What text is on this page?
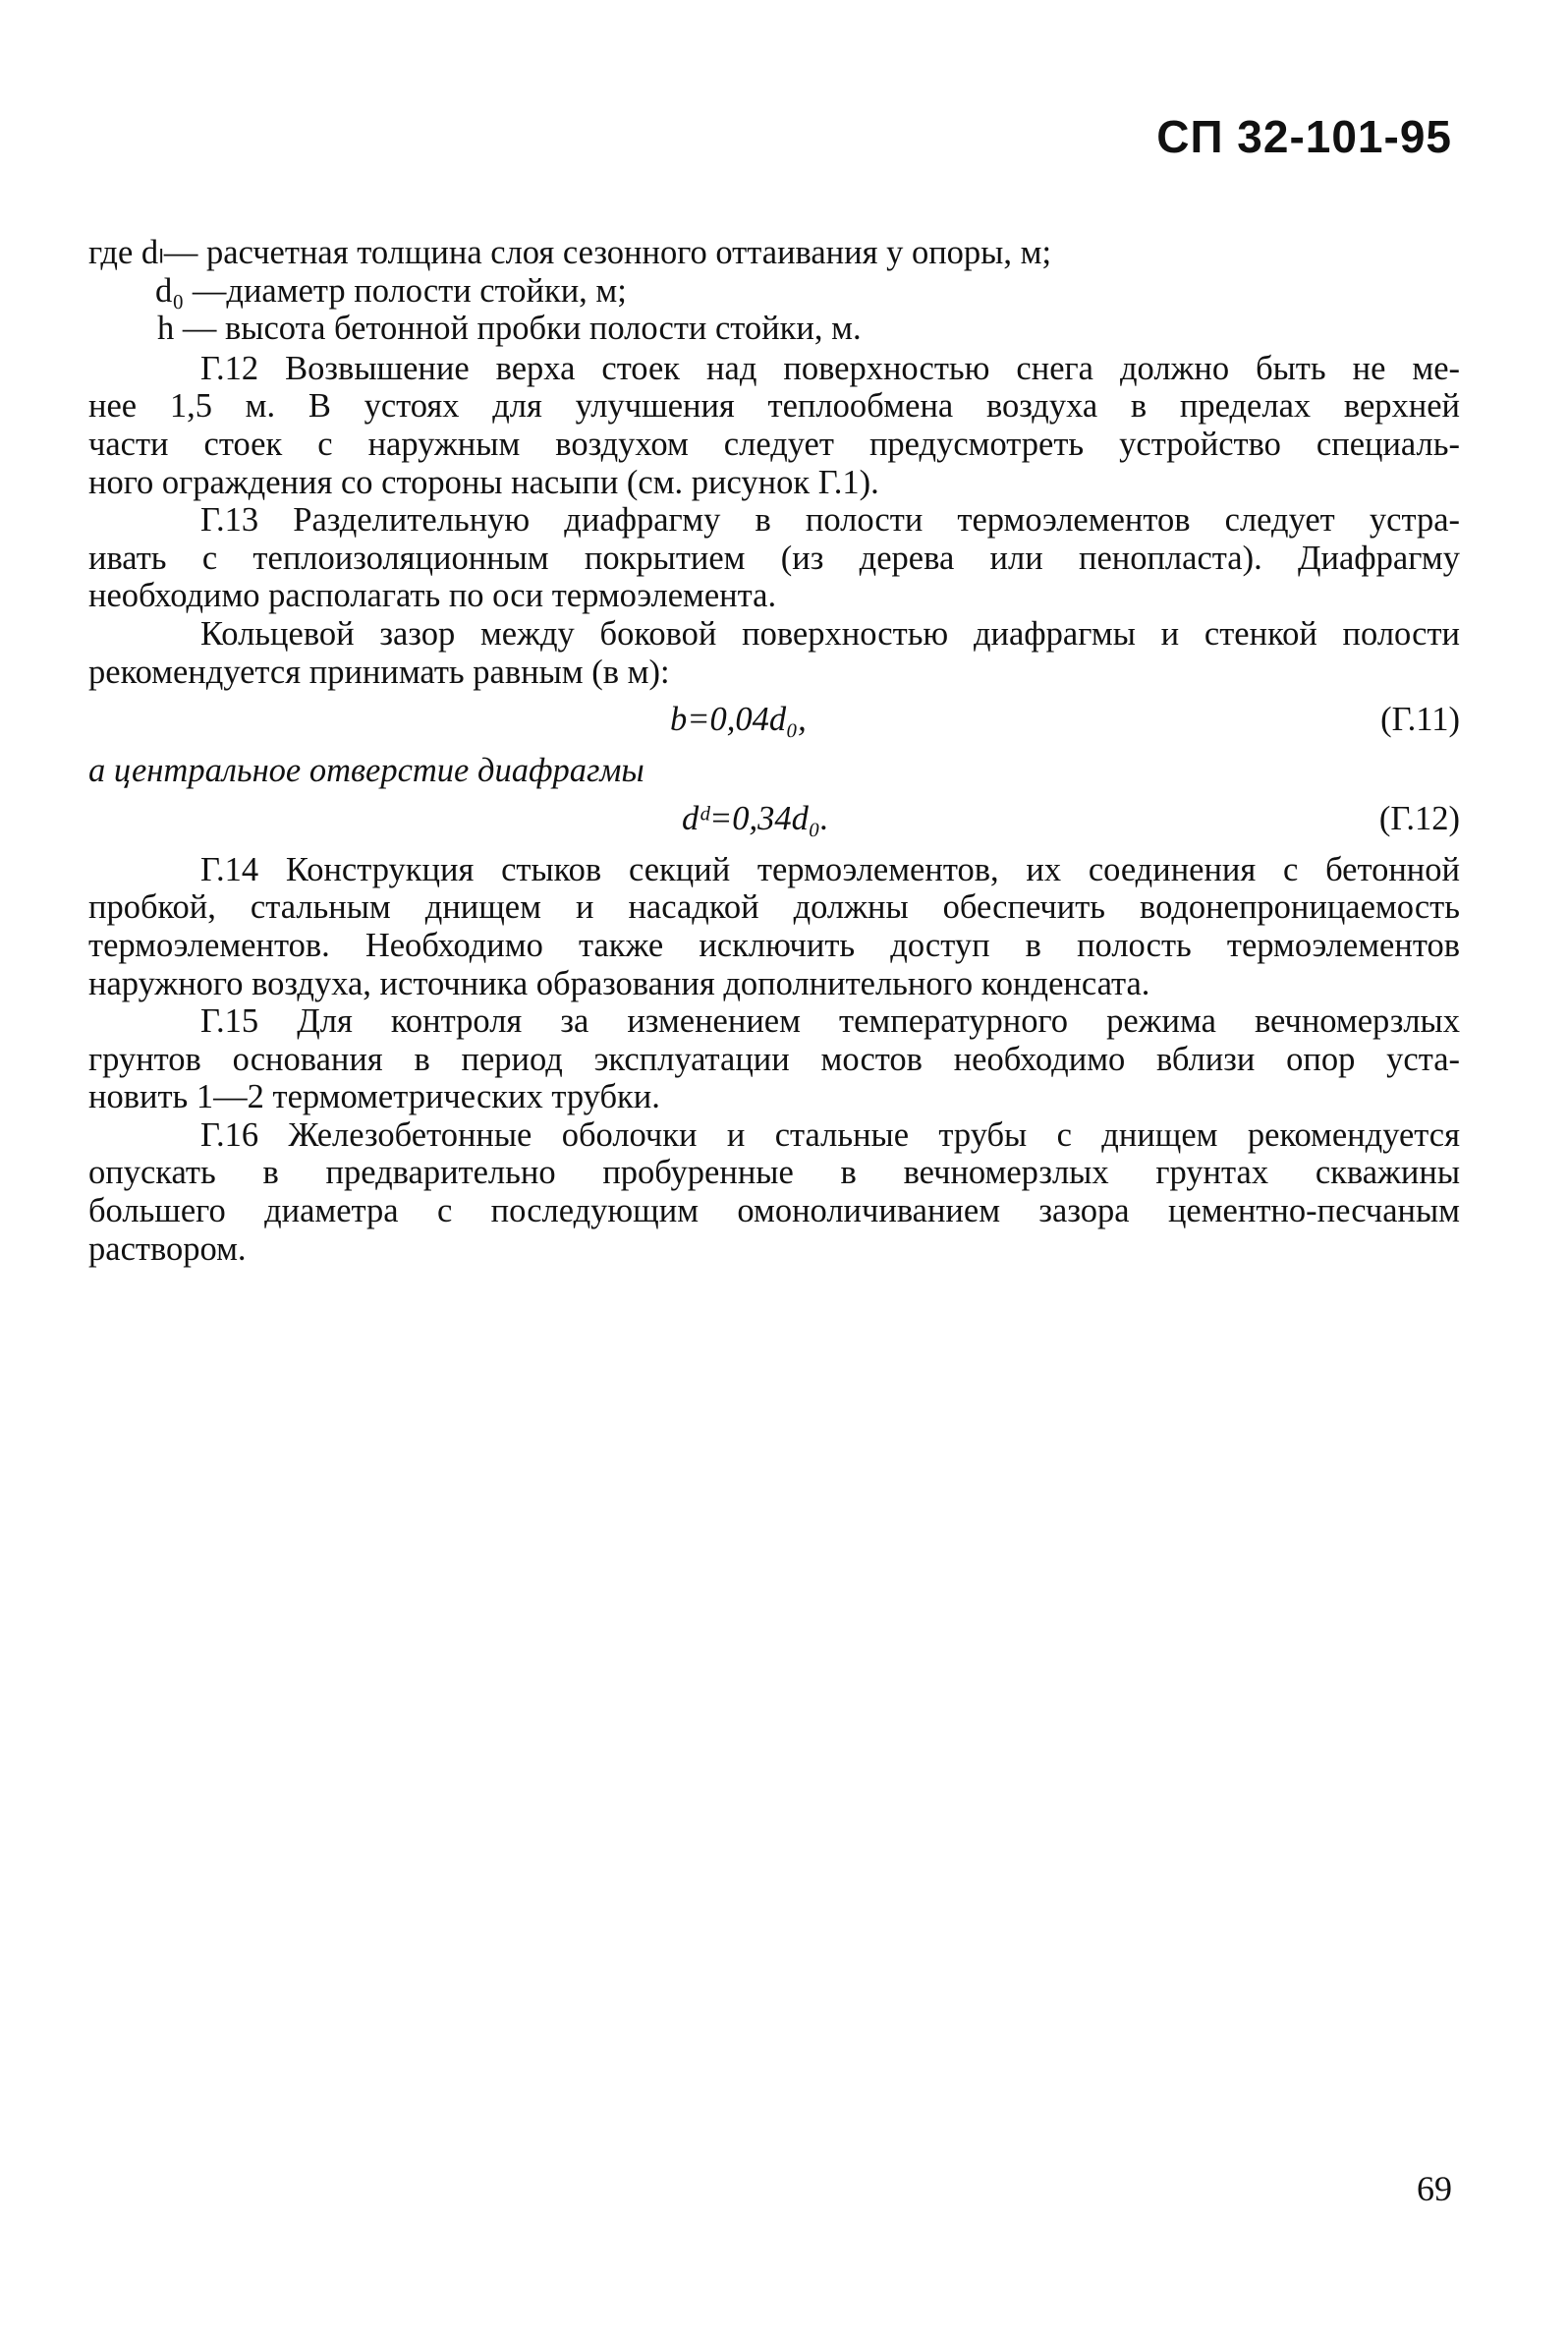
СП 32-101-95
где dₗ— расчетная толщина слоя сезонного оттаивания у опоры, м;
d₀ —диаметр полости стойки, м;
h — высота бетонной пробки полости стойки, м.
Г.12 Возвышение верха стоек над поверхностью снега должно быть не ме-
нее 1,5 м. В устоях для улучшения теплообмена воздуха в пределах верхней
части стоек с наружным воздухом следует предусмотреть устройство специаль-
ного ограждения со стороны насыпи (см. рисунок Г.1).
Г.13 Разделительную диафрагму в полости термоэлементов следует устра-
ивать с теплоизоляционным покрытием (из дерева или пенопласта). Диафрагму
необходимо располагать по оси термоэлемента.
Кольцевой зазор между боковой поверхностью диафрагмы и стенкой полости
рекомендуется принимать равным (в м):
b=0,04d₀,	(Г.11)
а центральное отверстие диафрагмы
dᵈ=0,34d₀.	(Г.12)
Г.14 Конструкция стыков секций термоэлементов, их соединения с бетонной
пробкой, стальным днищем и насадкой должны обеспечить водонепроницаемость
термоэлементов. Необходимо также исключить доступ в полость термоэлементов
наружного воздуха, источника образования дополнительного конденсата.
Г.15 Для контроля за изменением температурного режима вечномерзлых
грунтов основания в период эксплуатации мостов необходимо вблизи опор уста-
новить 1—2 термометрических трубки.
Г.16 Железобетонные оболочки и стальные трубы с днищем рекомендуется
опускать в предварительно пробуренные в вечномерзлых грунтах скважины
большего диаметра с последующим омоноличиванием зазора цементно-песчаным
раствором.
69
